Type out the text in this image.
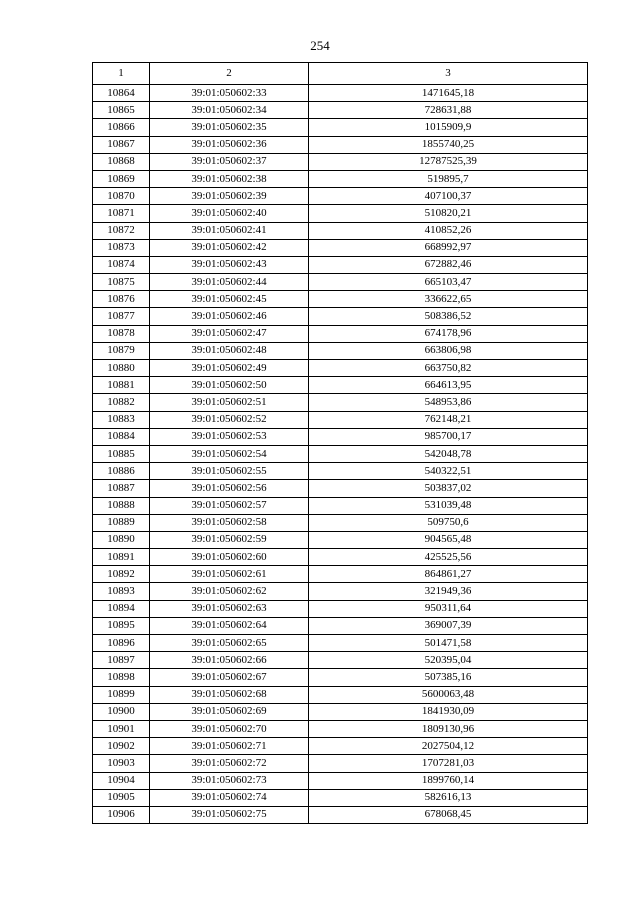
254
1	2	3
10864	39:01:050602:33	1471645,18
10865	39:01:050602:34	728631,88
10866	39:01:050602:35	1015909,9
10867	39:01:050602:36	1855740,25
10868	39:01:050602:37	12787525,39
10869	39:01:050602:38	519895,7
10870	39:01:050602:39	407100,37
10871	39:01:050602:40	510820,21
10872	39:01:050602:41	410852,26
10873	39:01:050602:42	668992,97
10874	39:01:050602:43	672882,46
10875	39:01:050602:44	665103,47
10876	39:01:050602:45	336622,65
10877	39:01:050602:46	508386,52
10878	39:01:050602:47	674178,96
10879	39:01:050602:48	663806,98
10880	39:01:050602:49	663750,82
10881	39:01:050602:50	664613,95
10882	39:01:050602:51	548953,86
10883	39:01:050602:52	762148,21
10884	39:01:050602:53	985700,17
10885	39:01:050602:54	542048,78
10886	39:01:050602:55	540322,51
10887	39:01:050602:56	503837,02
10888	39:01:050602:57	531039,48
10889	39:01:050602:58	509750,6
10890	39:01:050602:59	904565,48
10891	39:01:050602:60	425525,56
10892	39:01:050602:61	864861,27
10893	39:01:050602:62	321949,36
10894	39:01:050602:63	950311,64
10895	39:01:050602:64	369007,39
10896	39:01:050602:65	501471,58
10897	39:01:050602:66	520395,04
10898	39:01:050602:67	507385,16
10899	39:01:050602:68	5600063,48
10900	39:01:050602:69	1841930,09
10901	39:01:050602:70	1809130,96
10902	39:01:050602:71	2027504,12
10903	39:01:050602:72	1707281,03
10904	39:01:050602:73	1899760,14
10905	39:01:050602:74	582616,13
10906	39:01:050602:75	678068,45
